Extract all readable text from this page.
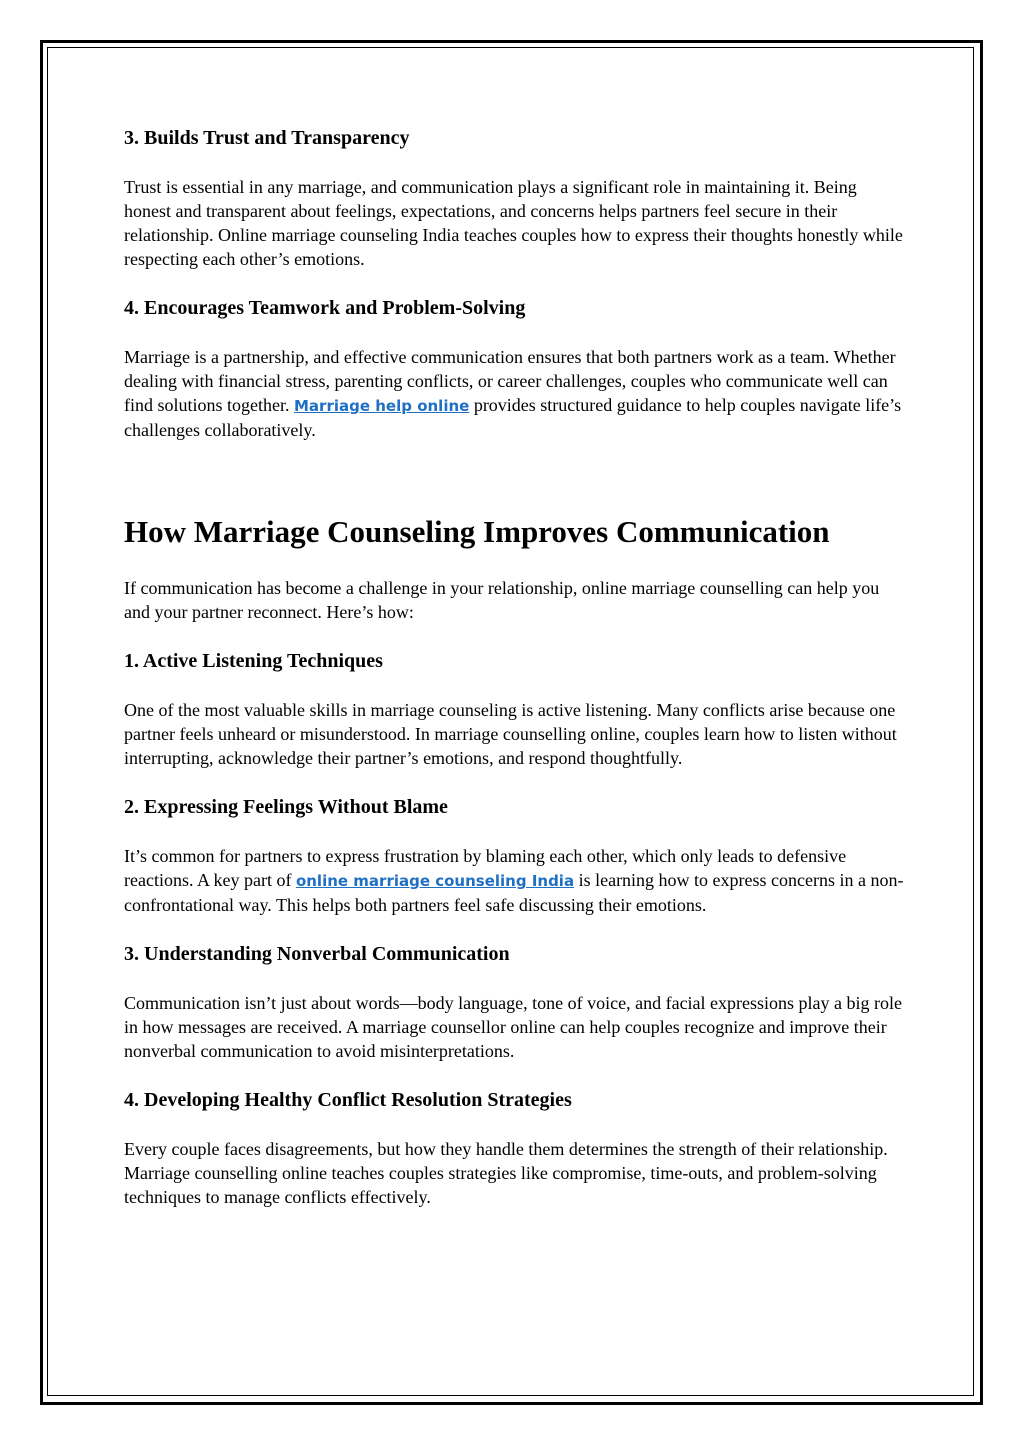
3. Builds Trust and Transparency

Trust is essential in any marriage, and communication plays a significant role in maintaining it. Being honest and transparent about feelings, expectations, and concerns helps partners feel secure in their relationship. Online marriage counseling India teaches couples how to express their thoughts honestly while respecting each other’s emotions.

4. Encourages Teamwork and Problem-Solving

Marriage is a partnership, and effective communication ensures that both partners work as a team. Whether dealing with financial stress, parenting conflicts, or career challenges, couples who communicate well can find solutions together. Marriage help online provides structured guidance to help couples navigate life’s challenges collaboratively.

How Marriage Counseling Improves Communication

If communication has become a challenge in your relationship, online marriage counselling can help you and your partner reconnect. Here’s how:

1. Active Listening Techniques

One of the most valuable skills in marriage counseling is active listening. Many conflicts arise because one partner feels unheard or misunderstood. In marriage counselling online, couples learn how to listen without interrupting, acknowledge their partner’s emotions, and respond thoughtfully.

2. Expressing Feelings Without Blame

It’s common for partners to express frustration by blaming each other, which only leads to defensive reactions. A key part of online marriage counseling India is learning how to express concerns in a non-confrontational way. This helps both partners feel safe discussing their emotions.

3. Understanding Nonverbal Communication

Communication isn’t just about words—body language, tone of voice, and facial expressions play a big role in how messages are received. A marriage counsellor online can help couples recognize and improve their nonverbal communication to avoid misinterpretations.

4. Developing Healthy Conflict Resolution Strategies

Every couple faces disagreements, but how they handle them determines the strength of their relationship. Marriage counselling online teaches couples strategies like compromise, time-outs, and problem-solving techniques to manage conflicts effectively.
